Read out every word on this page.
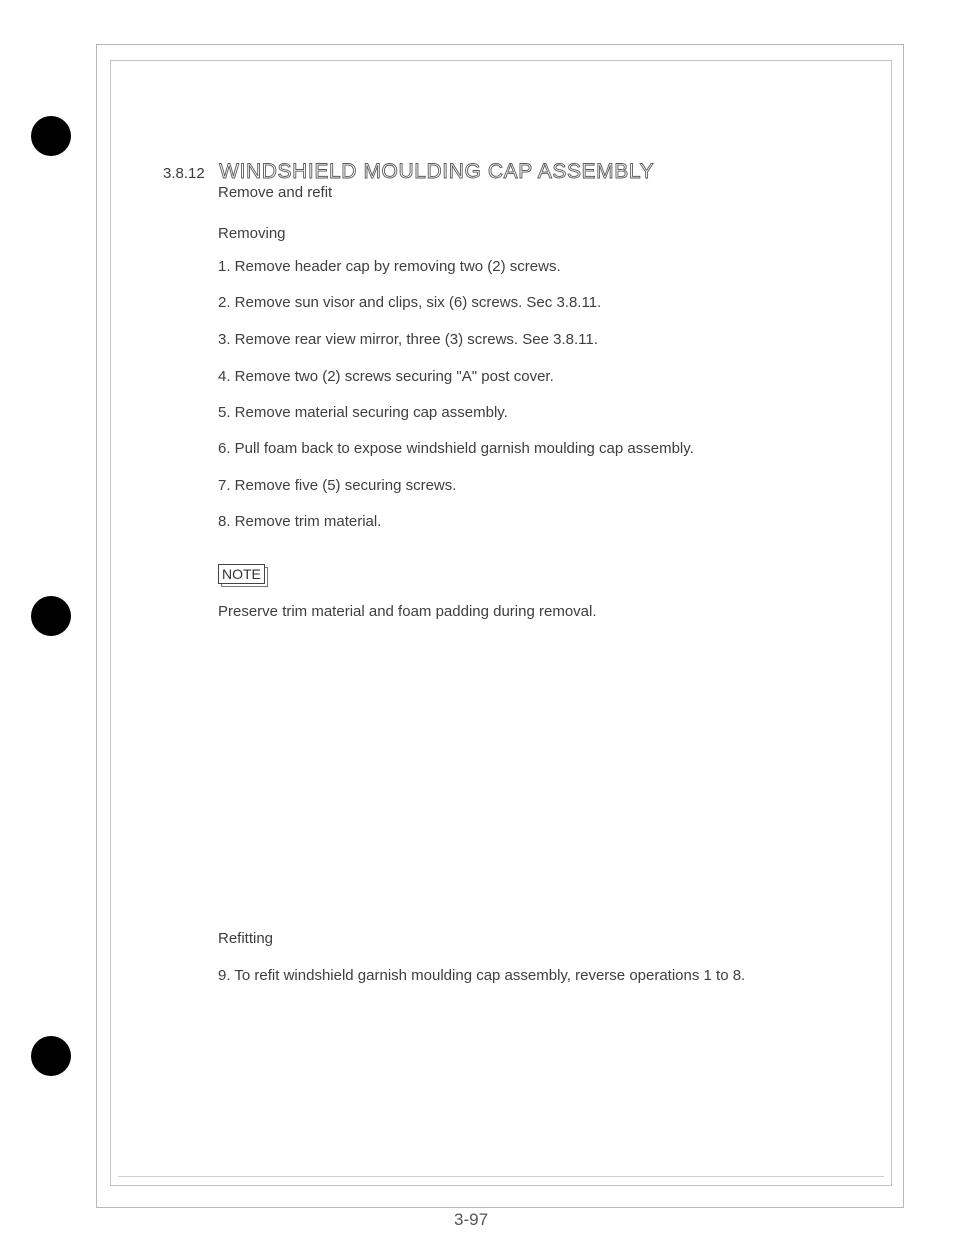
3.8.12 WINDSHIELD MOULDING CAP ASSEMBLY

Remove and refit

Removing

1. Remove header cap by removing two (2) screws.

2. Remove sun visor and clips, six (6) screws. Sec 3.8.11.

3. Remove rear view mirror, three (3) screws. See 3.8.11.

4. Remove two (2) screws securing "A" post cover.

5. Remove material securing cap assembly.

6. Pull foam back to expose windshield garnish moulding cap assembly.

7. Remove five (5) securing screws.

8. Remove trim material.

NOTE

Preserve trim material and foam padding during removal.

Refitting

9. To refit windshield garnish moulding cap assembly, reverse operations 1 to 8.

3-97
